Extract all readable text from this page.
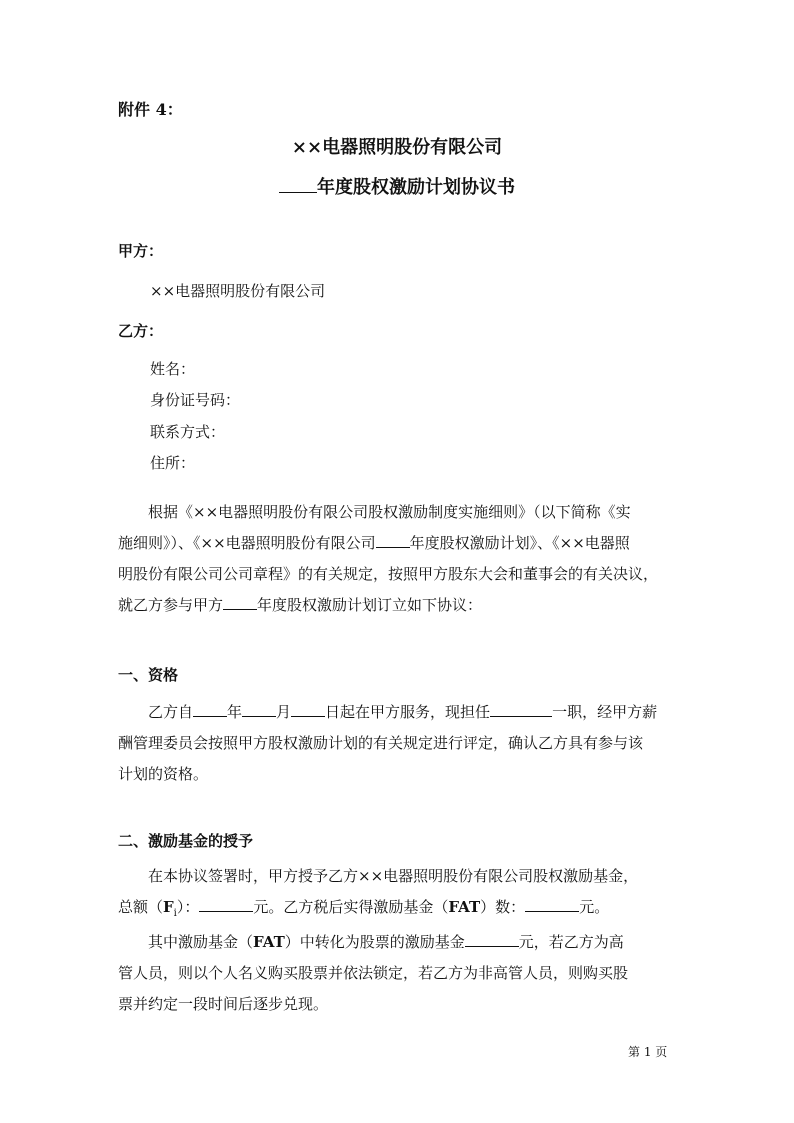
附件 4：
××电器照明股份有限公司
年度股权激励计划协议书
甲方：
××电器照明股份有限公司
乙方：
姓名：
身份证号码：
联系方式：
住所：
根据《××电器照明股份有限公司股权激励制度实施细则》（以下简称《实
施细则》）、《××电器照明股份有限公司 年度股权激励计划》、《××电器照
明股份有限公司公司章程》的有关规定，按照甲方股东大会和董事会的有关决议，
就乙方参与甲方 年度股权激励计划订立如下协议：
一、资格
乙方自 年 月 日起在甲方服务，现担任	一职，经甲方薪
酬管理委员会按照甲方股权激励计划的有关规定进行评定，确认乙方具有参与该
计划的资格。
二、激励基金的授予
在本协议签署时，甲方授予乙方××电器照明股份有限公司股权激励基金，
总额$(F_i)$：	元。乙方税后实得激励基金（FAT）数：	元。
其中激励基金（FAT）中转化为股票的激励基金	元，若乙方为高
管人员，则以个人名义购买股票并依法锁定，若乙方为非高管人员，则购买股
票并约定一段时间后逐步兑现。
第 1 页
